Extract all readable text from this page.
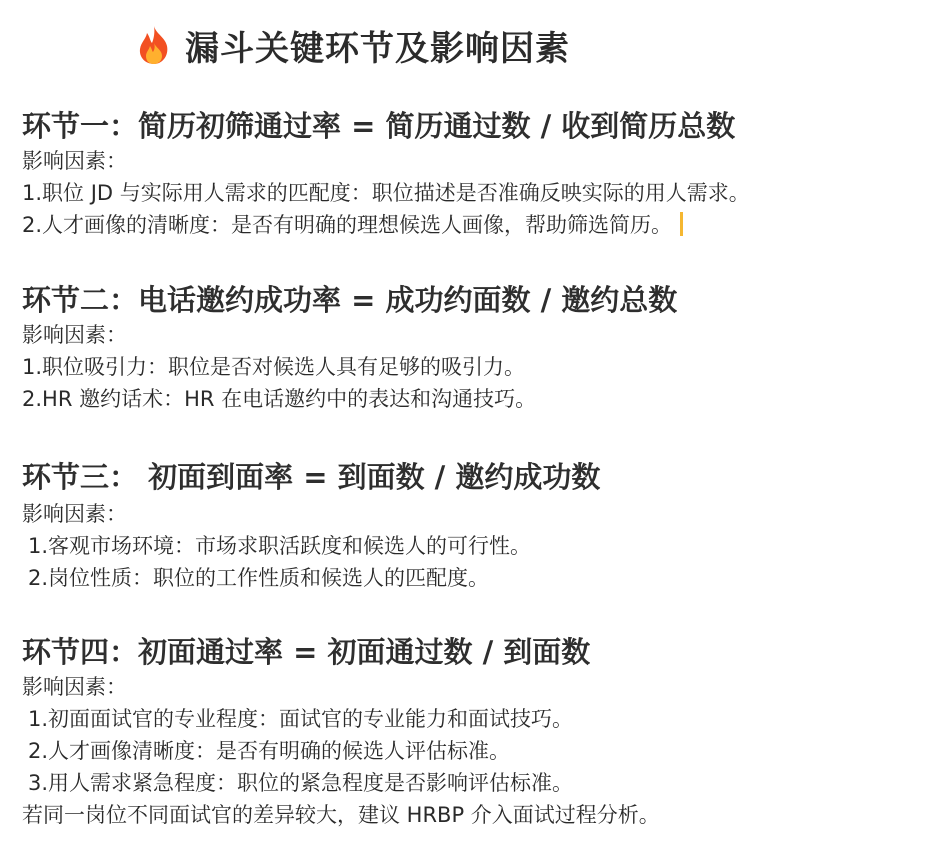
漏斗关键环节及影响因素
环节一：简历初筛通过率 = 简历通过数 / 收到简历总数
影响因素：
1.职位 JD 与实际用人需求的匹配度：职位描述是否准确反映实际的用人需求。
2.人才画像的清晰度：是否有明确的理想候选人画像，帮助筛选简历。
环节二：电话邀约成功率 = 成功约面数 / 邀约总数
影响因素：
1.职位吸引力：职位是否对候选人具有足够的吸引力。
2.HR 邀约话术：HR 在电话邀约中的表达和沟通技巧。
环节三： 初面到面率 = 到面数 / 邀约成功数
影响因素：
1.客观市场环境：市场求职活跃度和候选人的可行性。
2.岗位性质：职位的工作性质和候选人的匹配度。
环节四：初面通过率 = 初面通过数 / 到面数
影响因素：
1.初面面试官的专业程度：面试官的专业能力和面试技巧。
2.人才画像清晰度：是否有明确的候选人评估标准。
3.用人需求紧急程度：职位的紧急程度是否影响评估标准。
若同一岗位不同面试官的差异较大，建议 HRBP 介入面试过程分析。
